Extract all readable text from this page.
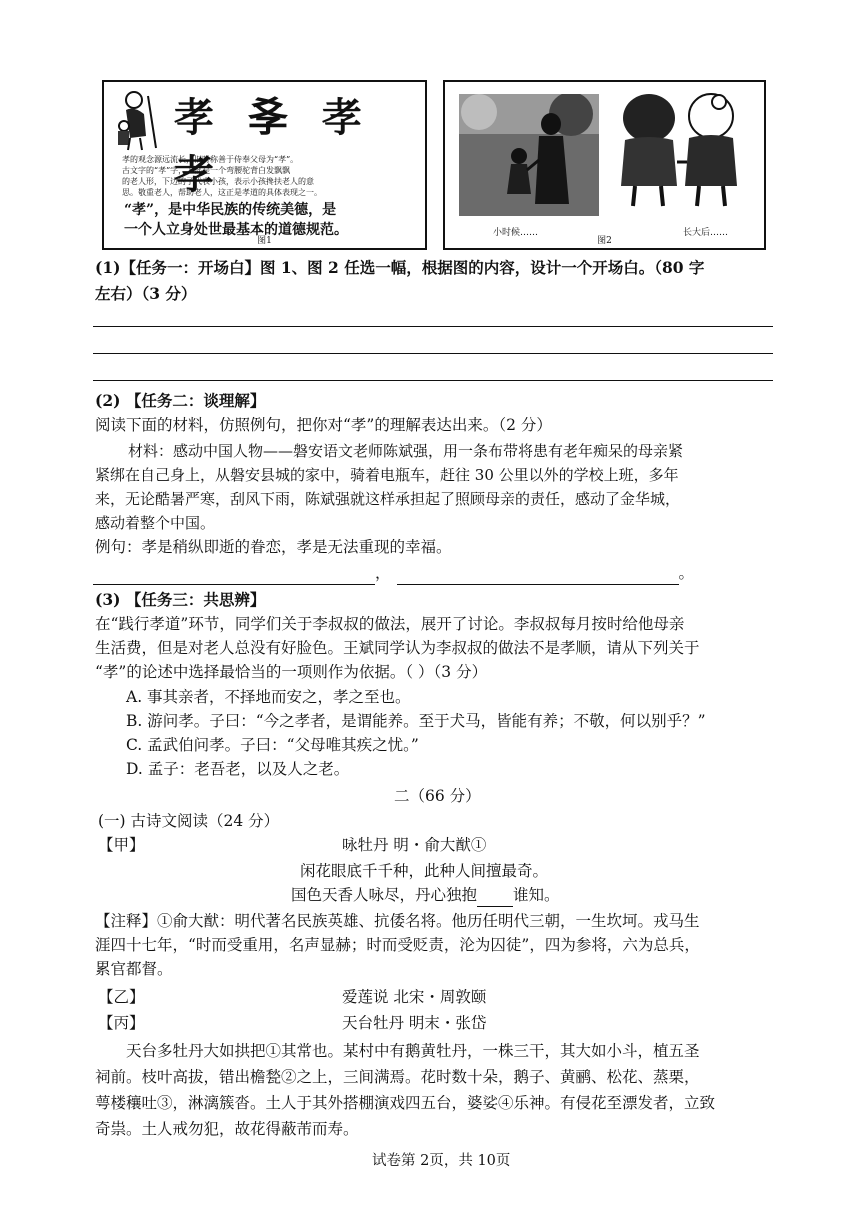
孝 𡥈 孝 孝
孝的观念源远流长，旧时称善于侍奉父母为“孝”。
古文字的“孝”字，上部是一个弯腰驼背白发飘飘
的老人形，下边的子代表小孩，表示小孩搀扶老人的意
思。敬重老人，帮助老人，这正是孝道的具体表现之一。
“孝”，是中华民族的传统美德，是
一个人立身处世最基本的道德规范。
图1
小时候……	长大后……
图2
(1)【任务一：开场白】图 1、图 2 任选一幅，根据图的内容，设计一个开场白。（80 字
左右）（3 分）
(2) 【任务二：谈理解】
阅读下面的材料，仿照例句，把你对“孝”的理解表达出来。（2 分）
材料：感动中国人物——磐安语文老师陈斌强，用一条布带将患有老年痴呆的母亲紧
紧绑在自己身上，从磐安县城的家中，骑着电瓶车，赶往 30 公里以外的学校上班，多年
来，无论酷暑严寒，刮风下雨，陈斌强就这样承担起了照顾母亲的责任，感动了金华城，
感动着整个中国。
例句：孝是稍纵即逝的眷恋，孝是无法重现的幸福。
，	。
(3) 【任务三：共思辨】
在“践行孝道”环节，同学们关于李叔叔的做法，展开了讨论。李叔叔每月按时给他母亲
生活费，但是对老人总没有好脸色。王斌同学认为李叔叔的做法不是孝顺，请从下列关于
“孝”的论述中选择最恰当的一项则作为依据。（ ）（3 分）
A. 事其亲者，不择地而安之，孝之至也。
B. 游问孝。子曰：“今之孝者，是谓能养。至于犬马，皆能有养；不敬，何以别乎？”
C. 孟武伯问孝。子曰：“父母唯其疾之忧。”
D. 孟子：老吾老，以及人之老。
二（66 分）
(一) 古诗文阅读（24 分）
【甲】	咏牡丹 明・俞大猷①
闲花眼底千千种，此种人间擅最奇。
国色天香人咏尽，丹心独抱 谁知。
【注释】①俞大猷：明代著名民族英雄、抗倭名将。他历任明代三朝，一生坎坷。戎马生
涯四十七年，“时而受重用，名声显赫；时而受贬责，沦为囚徒”，四为参将，六为总兵，
累官都督。
【乙】	爱莲说 北宋・周敦颐
【丙】	天台牡丹 明末・张岱
天台多牡丹大如拱把①其常也。某村中有鹅黄牡丹，一株三干，其大如小斗，植五圣
祠前。枝叶高拔，错出檐甃②之上，三间满焉。花时数十朵，鹅子、黄鹂、松花、蒸栗，
萼楼穰吐③，淋漓簇沓。土人于其外搭棚演戏四五台，婆娑④乐神。有侵花至漂发者，立致
奇祟。土人戒勿犯，故花得蔽芾而寿。
试卷第 2页，共 10页
